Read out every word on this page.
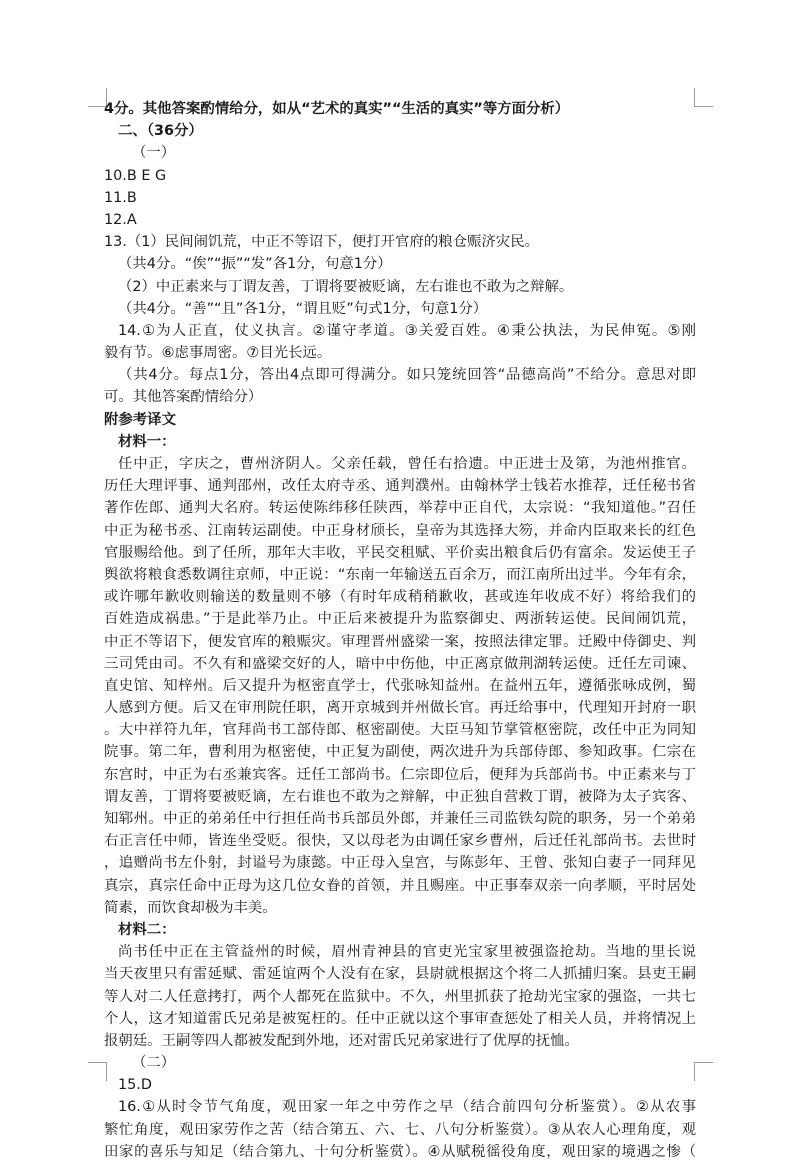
4分。其他答案酌情给分，如从“艺术的真实”“生活的真实”等方面分析）
二、（36分）
（一）
10.B E G
11.B
12.A
13.（1）民间闹饥荒，中正不等诏下，便打开官府的粮仓赈济灾民。
（共4分。“俟”“振”“发”各1分，句意1分）
（2）中正素来与丁谓友善，丁谓将要被贬谪，左右谁也不敢为之辩解。
（共4分。“善”“且”各1分，“谓且贬”句式1分，句意1分）
14.①为人正直，仗义执言。②谨守孝道。③关爱百姓。④秉公执法，为民伸冤。⑤刚
毅有节。⑥虑事周密。⑦目光长远。
（共4分。每点1分，答出4点即可得满分。如只笼统回答“品德高尚”不给分。意思对即
可。其他答案酌情给分）
附参考译文
材料一：
任中正，字庆之，曹州济阴人。父亲任载，曾任右拾遗。中正进士及第，为池州推官。
历任大理评事、通判邵州，改任太府寺丞、通判濮州。由翰林学士钱若水推荐，迁任秘书省
著作佐郎、通判大名府。转运使陈纬移任陕西，举荐中正自代，太宗说：“我知道他。”召任
中正为秘书丞、江南转运副使。中正身材颀长，皇帝为其选择大笏，并命内臣取来长的红色
官服赐给他。到了任所，那年大丰收，平民交租赋、平价卖出粮食后仍有富余。发运使王子
舆欲将粮食悉数调往京师，中正说：“东南一年输送五百余万，而江南所出过半。今年有余，
或许哪年歉收则输送的数量则不够（有时年成稍稍歉收，甚或连年收成不好）将给我们的
百姓造成祸患。”于是此举乃止。中正后来被提升为监察御史、两浙转运使。民间闹饥荒，
中正不等诏下，便发官库的粮赈灾。审理晋州盛梁一案，按照法律定罪。迁殿中侍御史、判
三司凭由司。不久有和盛梁交好的人，暗中中伤他，中正离京做荆湖转运使。迁任左司谏、
直史馆、知梓州。后又提升为枢密直学士，代张咏知益州。在益州五年，遵循张咏成例，蜀
人感到方便。后又在审刑院任职，离开京城到并州做长官。再迁给事中，代理知开封府一职
。大中祥符九年，官拜尚书工部侍郎、枢密副使。大臣马知节掌管枢密院，改任中正为同知
院事。第二年，曹利用为枢密使，中正复为副使，两次进升为兵部侍郎、参知政事。仁宗在
东宫时，中正为右丞兼宾客。迁任工部尚书。仁宗即位后，便拜为兵部尚书。中正素来与丁
谓友善，丁谓将要被贬谪，左右谁也不敢为之辩解，中正独自营救丁谓，被降为太子宾客、
知郓州。中正的弟弟任中行担任尚书兵部员外郎，并兼任三司监铁勾院的职务，另一个弟弟
右正言任中师，皆连坐受贬。很快，又以母老为由调任家乡曹州，后迁任礼部尚书。去世时
，追赠尚书左仆射，封谥号为康懿。中正母入皇宫，与陈彭年、王曾、张知白妻子一同拜见
真宗，真宗任命中正母为这几位女眷的首领，并且赐座。中正事奉双亲一向孝顺，平时居处
简素，而饮食却极为丰美。
材料二：
尚书任中正在主管益州的时候，眉州青神县的官吏光宝家里被强盗抢劫。当地的里长说
当天夜里只有雷延赋、雷延谊两个人没有在家，县尉就根据这个将二人抓捕归案。县吏王嗣
等人对二人任意拷打，两个人都死在监狱中。不久，州里抓获了抢劫光宝家的强盗，一共七
个人，这才知道雷氏兄弟是被冤枉的。任中正就以这个事审查惩处了相关人员，并将情况上
报朝廷。王嗣等四人都被发配到外地，还对雷氏兄弟家进行了优厚的抚恤。
（二）
15.D
16.①从时令节气角度，观田家一年之中劳作之早（结合前四句分析鉴赏）。②从农事
繁忙角度，观田家劳作之苦（结合第五、六、七、八句分析鉴赏）。③从农人心理角度，观
田家的喜乐与知足（结合第九、十句分析鉴赏）。④从赋税徭役角度，观田家的境遇之惨（
